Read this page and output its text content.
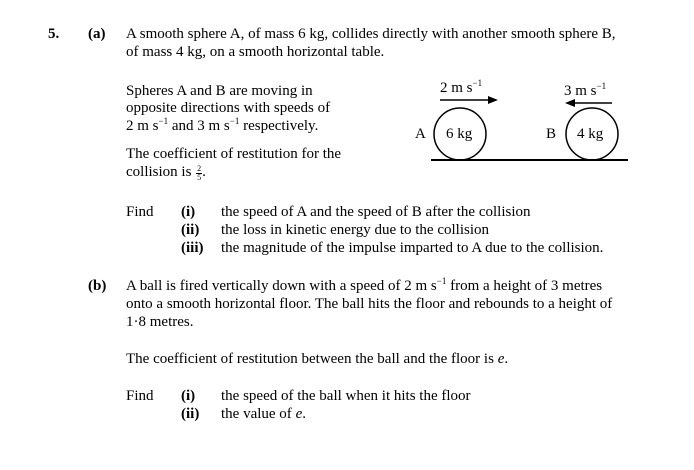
5. (a) A smooth sphere A, of mass 6 kg, collides directly with another smooth sphere B,
of mass 4 kg, on a smooth horizontal table.
Spheres A and B are moving in
opposite directions with speeds of
2 m $s^{-1}$ and 3 m $s^{-1}$ respectively.
The coefficient of restitution for the
collision is $\frac{2}{5}$ .
2 m $s^{-1}$	3 m $s^{-1}$
A 6 kg	B 4 kg
Find (i)	the speed of A and the speed of B after the collision
(ii)	the loss in kinetic energy due to the collision
(iii)	the magnitude of the impulse imparted to A due to the collision.
(b) A ball is fired vertically down with a speed of 2 m $s^{-1}$ from a height of 3 metres
onto a smooth horizontal floor. The ball hits the floor and rebounds to a height of
1·8 metres.
The coefficient of restitution between the ball and the floor is e.
Find (i)	the speed of the ball when it hits the floor
(ii)	the value of e.
